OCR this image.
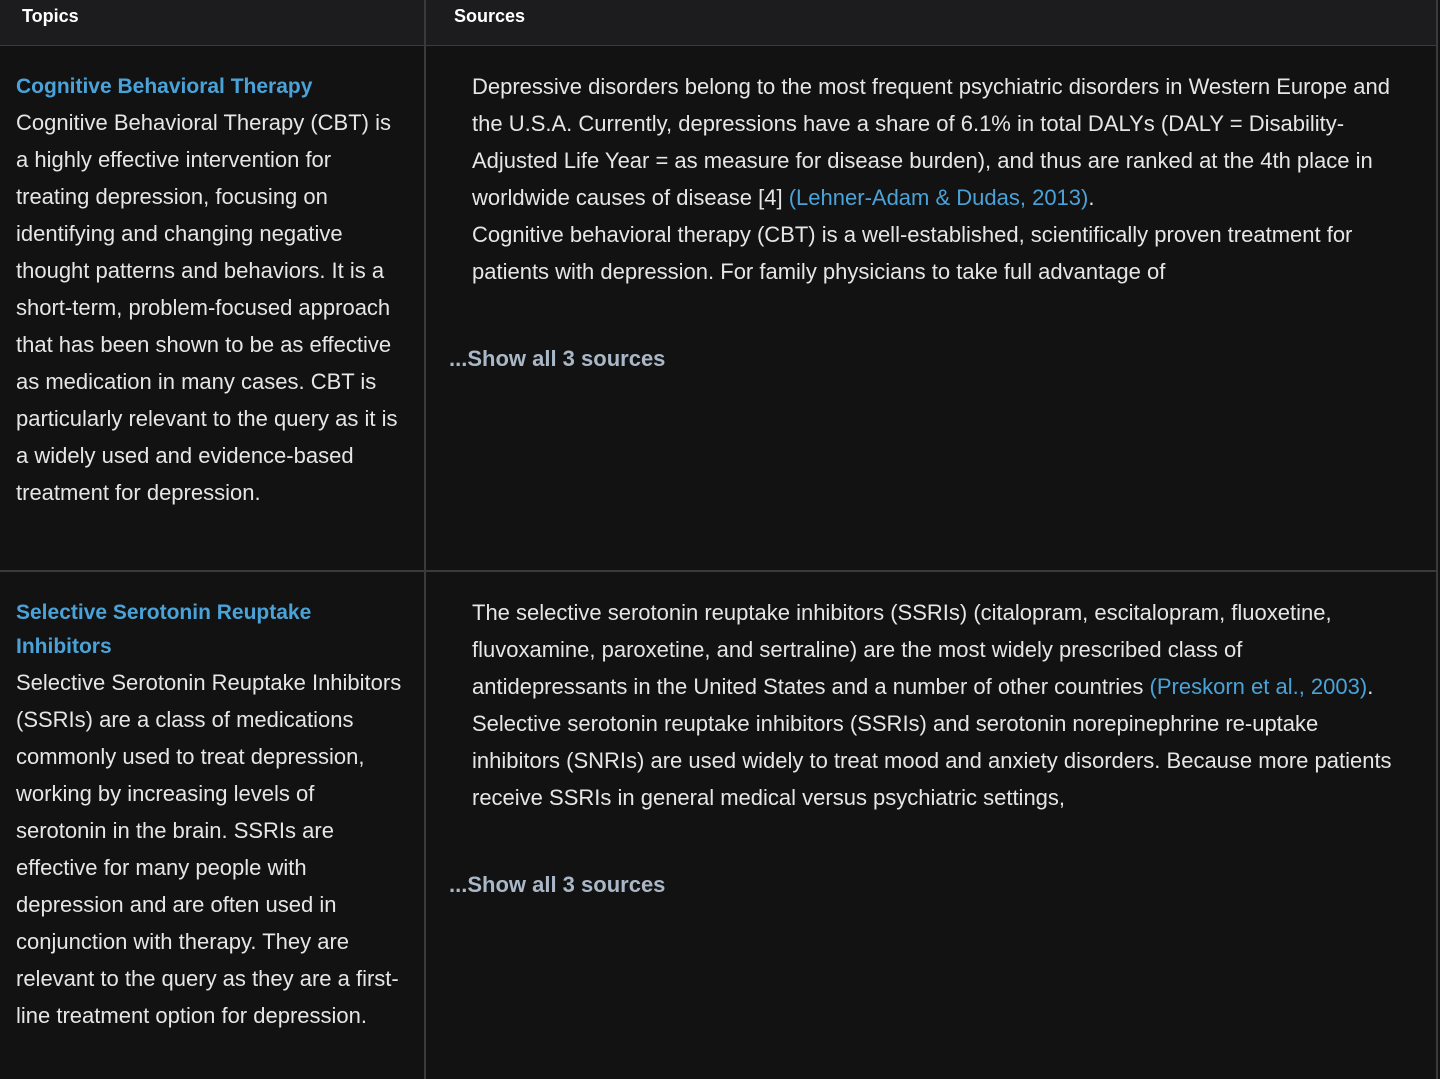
Topics	Sources
Cognitive Behavioral Therapy
Cognitive Behavioral Therapy (CBT) is a highly effective intervention for treating depression, focusing on identifying and changing negative thought patterns and behaviors. It is a short-term, problem-focused approach that has been shown to be as effective as medication in many cases. CBT is particularly relevant to the query as it is a widely used and evidence-based treatment for depression.

Depressive disorders belong to the most frequent psychiatric disorders in Western Europe and the U.S.A. Currently, depressions have a share of 6.1% in total DALYs (DALY = Disability-Adjusted Life Year = as measure for disease burden), and thus are ranked at the 4th place in worldwide causes of disease [4] (Lehner-Adam & Dudas, 2013).

Cognitive behavioral therapy (CBT) is a well-established, scientifically proven treatment for patients with depression. For family physicians to take full advantage of

...Show all 3 sources
Selective Serotonin Reuptake Inhibitors
Selective Serotonin Reuptake Inhibitors (SSRIs) are a class of medications commonly used to treat depression, working by increasing levels of serotonin in the brain. SSRIs are effective for many people with depression and are often used in conjunction with therapy. They are relevant to the query as they are a first-line treatment option for depression.

The selective serotonin reuptake inhibitors (SSRIs) (citalopram, escitalopram, fluoxetine, fluvoxamine, paroxetine, and sertraline) are the most widely prescribed class of antidepressants in the United States and a number of other countries (Preskorn et al., 2003).

Selective serotonin reuptake inhibitors (SSRIs) and serotonin norepinephrine re-uptake inhibitors (SNRIs) are used widely to treat mood and anxiety disorders. Because more patients receive SSRIs in general medical versus psychiatric settings,

...Show all 3 sources
